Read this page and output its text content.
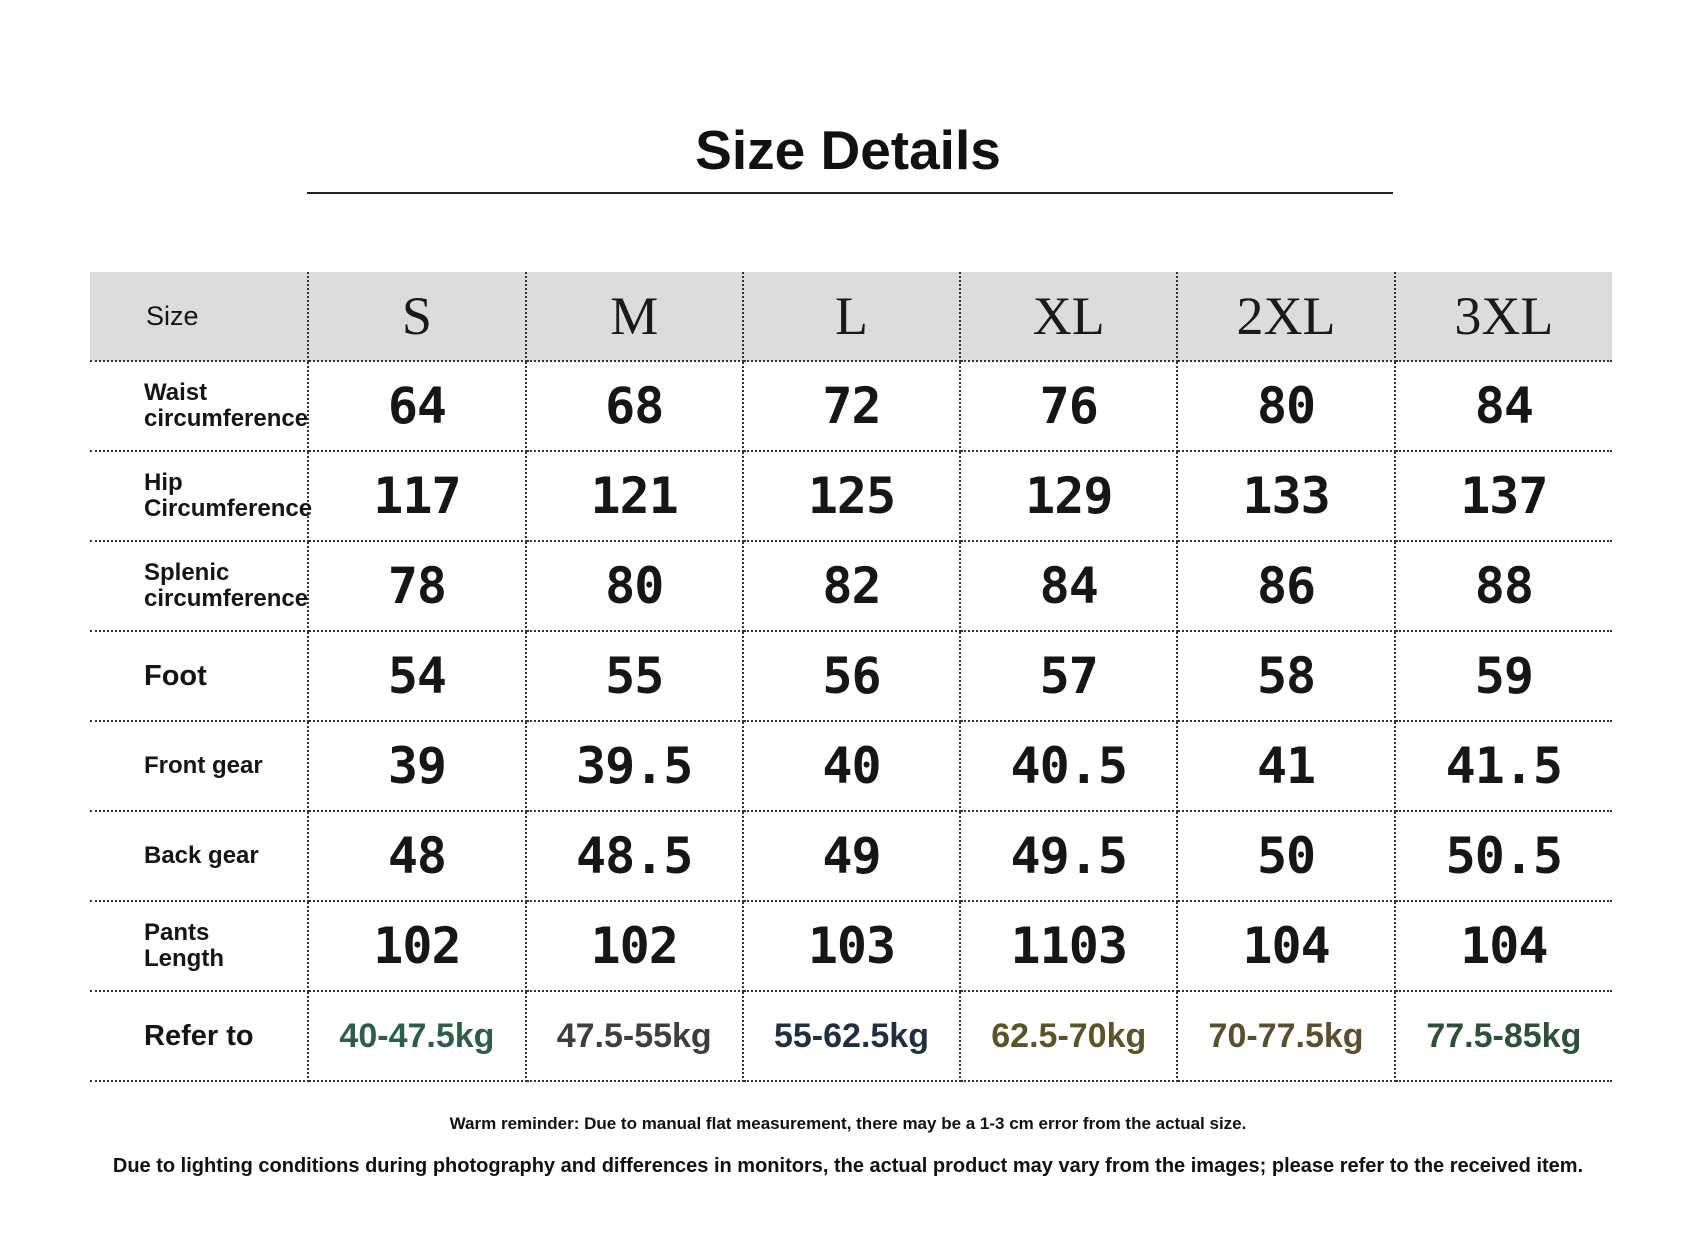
Size Details
Size	S	M	L	XL	2XL	3XL
Waist
circumference	64	68	72	76	80	84
Hip
Circumference	117	121	125	129	133	137
Splenic
circumference	78	80	82	84	86	88
Foot	54	55	56	57	58	59
Front gear	39	39.5	40	40.5	41	41.5
Back gear	48	48.5	49	49.5	50	50.5
Pants
Length	102	102	103	1103	104	104
Refer to	40-47.5kg	47.5-55kg	55-62.5kg	62.5-70kg	70-77.5kg	77.5-85kg
Warm reminder: Due to manual flat measurement, there may be a 1-3 cm error from the actual size.
Due to lighting conditions during photography and differences in monitors, the actual product may vary from the images; please refer to the received item.
